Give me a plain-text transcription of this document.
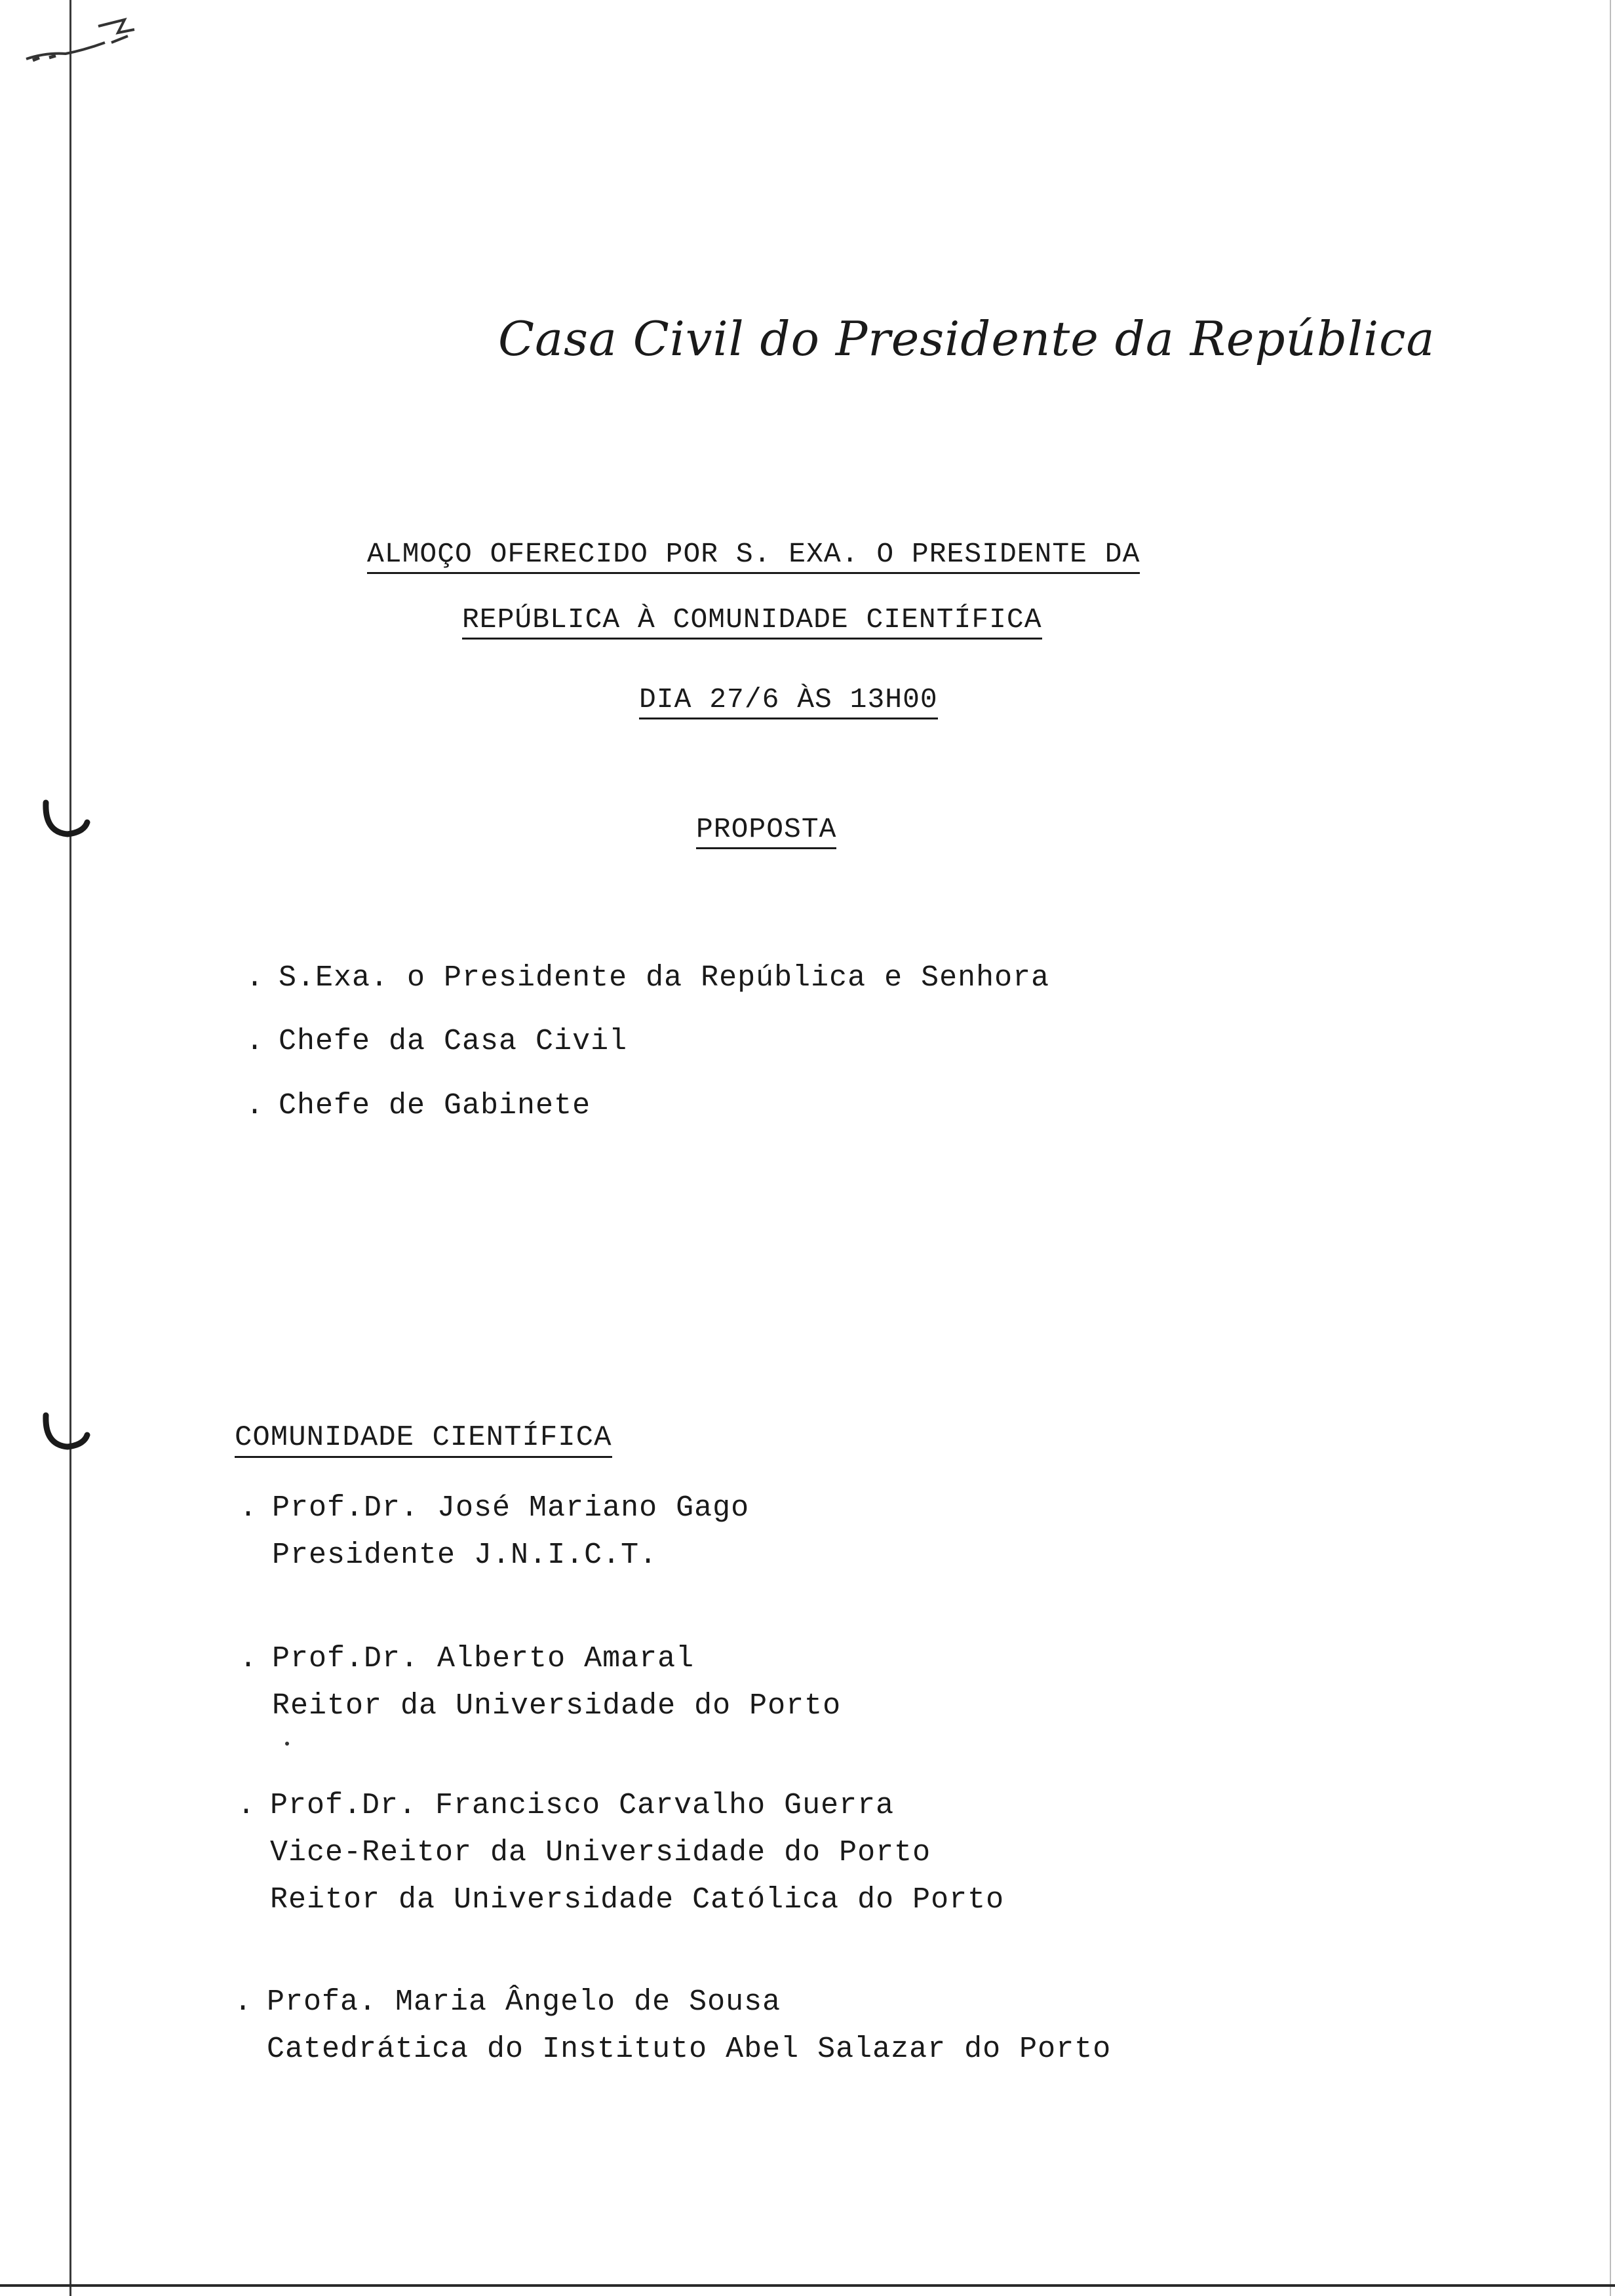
Casa Civil do Presidente da República
ALMOÇO OFERECIDO POR S. EXA. O PRESIDENTE DA
REPÚBLICA À COMUNIDADE CIENTÍFICA
DIA 27/6 ÀS 13H00
PROPOSTA
. S.Exa. o Presidente da República e Senhora
. Chefe da Casa Civil
. Chefe de Gabinete
COMUNIDADE CIENTÍFICA
. Prof.Dr. José Mariano Gago
Presidente J.N.I.C.T.
. Prof.Dr. Alberto Amaral
Reitor da Universidade do Porto
. Prof.Dr. Francisco Carvalho Guerra
Vice-Reitor da Universidade do Porto
Reitor da Universidade Católica do Porto
. Profa. Maria Ângelo de Sousa
Catedrática do Instituto Abel Salazar do Porto
